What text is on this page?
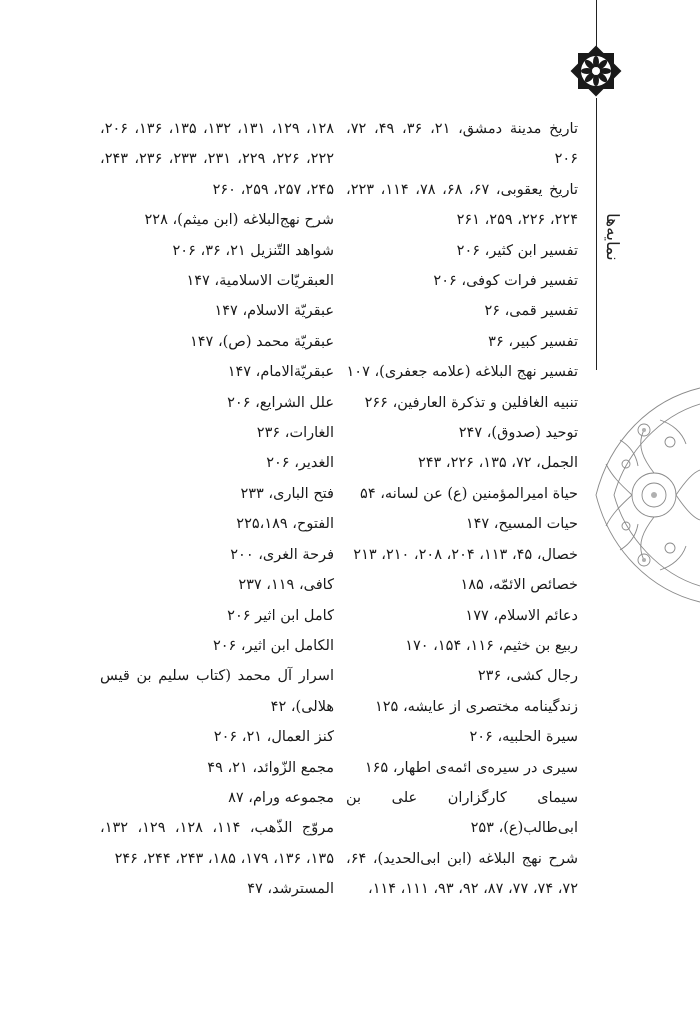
نمایه‌ها
تاریخ مدینة دمشق، ۲۱، ۳۶، ۴۹، ۷۲، ۲۰۶
تاریخ یعقوبی، ۶۷، ۶۸، ۷۸، ۱۱۴، ۲۲۳، ۲۲۴، ۲۲۶، ۲۵۹، ۲۶۱
تفسیر ابن کثیر، ۲۰۶
تفسیر فرات کوفی، ۲۰۶
تفسیر قمی، ۲۶
تفسیر کبیر، ۳۶
تفسیر نهج البلاغه (علامه جعفری)، ۱۰۷
تنبیه الغافلین و تذکرة العارفین، ۲۶۶
توحید (صدوق)، ۲۴۷
الجمل، ۷۲، ۱۳۵، ۲۲۶، ۲۴۳
حیاة امیرالمؤمنین (ع) عن لسانه، ۵۴
حیات المسیح، ۱۴۷
خصال، ۴۵، ۱۱۳، ۲۰۴، ۲۰۸، ۲۱۰، ۲۱۳
خصائص الائمّه، ۱۸۵
دعائم الاسلام، ۱۷۷
ربیع بن خثیم، ۱۱۶، ۱۵۴، ۱۷۰
رجال کشی، ۲۳۶
زندگینامه مختصری از عایشه، ۱۲۵
سیرة الحلبیه، ۲۰۶
سیری در سیره‌ی ائمه‌ی اطهار، ۱۶۵
سیمای کارگزاران علی بن ابی‌طالب(ع)، ۲۵۳
شرح نهج البلاغه (ابن ابی‌الحدید)، ۶۴، ۷۲، ۷۴، ۷۷، ۸۷، ۹۲، ۹۳، ۱۱۱، ۱۱۴،
۱۲۸، ۱۲۹، ۱۳۱، ۱۳۲، ۱۳۵، ۱۳۶، ۲۰۶، ۲۲۲، ۲۲۶، ۲۲۹، ۲۳۱، ۲۳۳، ۲۳۶، ۲۴۳، ۲۴۵، ۲۵۷، ۲۵۹، ۲۶۰
شرح نهج‌البلاغه (ابن میثم)، ۲۲۸
شواهد التّنزیل ۲۱، ۳۶، ۲۰۶
العبقریّات الاسلامیة، ۱۴۷
عبقریّة الاسلام، ۱۴۷
عبقریّة محمد (ص)، ۱۴۷
عبقریّةالامام، ۱۴۷
علل الشرایع، ۲۰۶
الغارات، ۲۳۶
الغدیر، ۲۰۶
فتح الباری، ۲۳۳
الفتوح، ۲۲۵،۱۸۹
فرحة الغری، ۲۰۰
کافی، ۱۱۹، ۲۳۷
کامل ابن اثیر ۲۰۶
الکامل ابن اثیر، ۲۰۶
اسرار آل محمد (کتاب سلیم بن قیس هلالی)، ۴۲
کنز العمال، ۲۱، ۲۰۶
مجمع الزّوائد، ۲۱، ۴۹
مجموعه ورام، ۸۷
مروّج الذّهب، ۱۱۴، ۱۲۸، ۱۲۹، ۱۳۲، ۱۳۵، ۱۳۶، ۱۷۹، ۱۸۵، ۲۴۳، ۲۴۴، ۲۴۶
المسترشد، ۴۷
